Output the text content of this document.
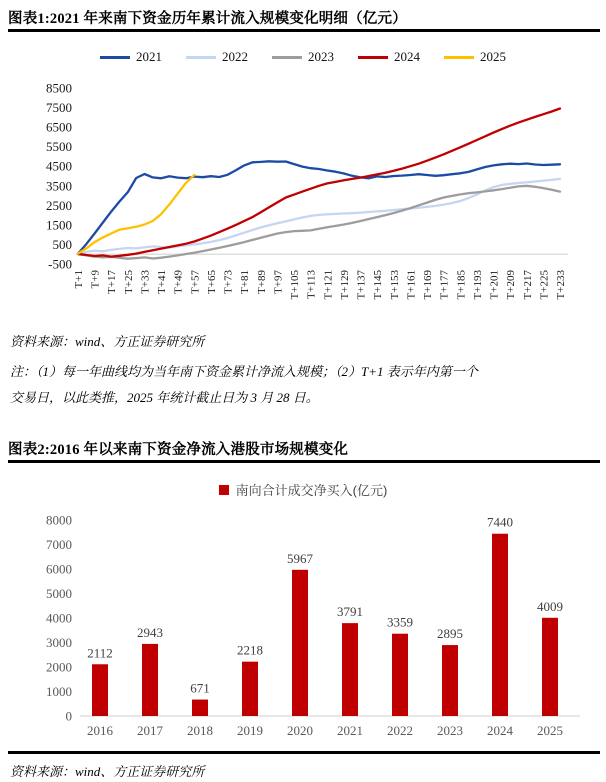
图表1:2021 年来南下资金历年累计流入规模变化明细（亿元）
2021	2022	2023	2024	2025
8500
7500
6500
5500
4500
3500
2500
1500
500
-500
T+1 T+9 T+17 T+25 T+33 T+41 T+49 T+57 T+65 T+73 T+81 T+89 T+97 T+105 T+113 T+121 T+129 T+137 T+145 T+153 T+161 T+169 T+177 T+185 T+193 T+201 T+209 T+217 T+225 T+233
资料来源：wind、方正证券研究所
注：（1）每一年曲线均为当年南下资金累计净流入规模；（2）T+1 表示年内第一个
交易日，以此类推，2025 年统计截止日为 3 月 28 日。
图表2:2016 年以来南下资金净流入港股市场规模变化
南向合计成交净买入(亿元)
8000
7000
6000
5000
4000
3000
2000
1000
0
2112
2016
2943
2017
671
2018
2218
2019
5967
2020
3791
2021
3359
2022
2895
2023
7440
2024
4009
2025
资料来源：wind、方正证券研究所
